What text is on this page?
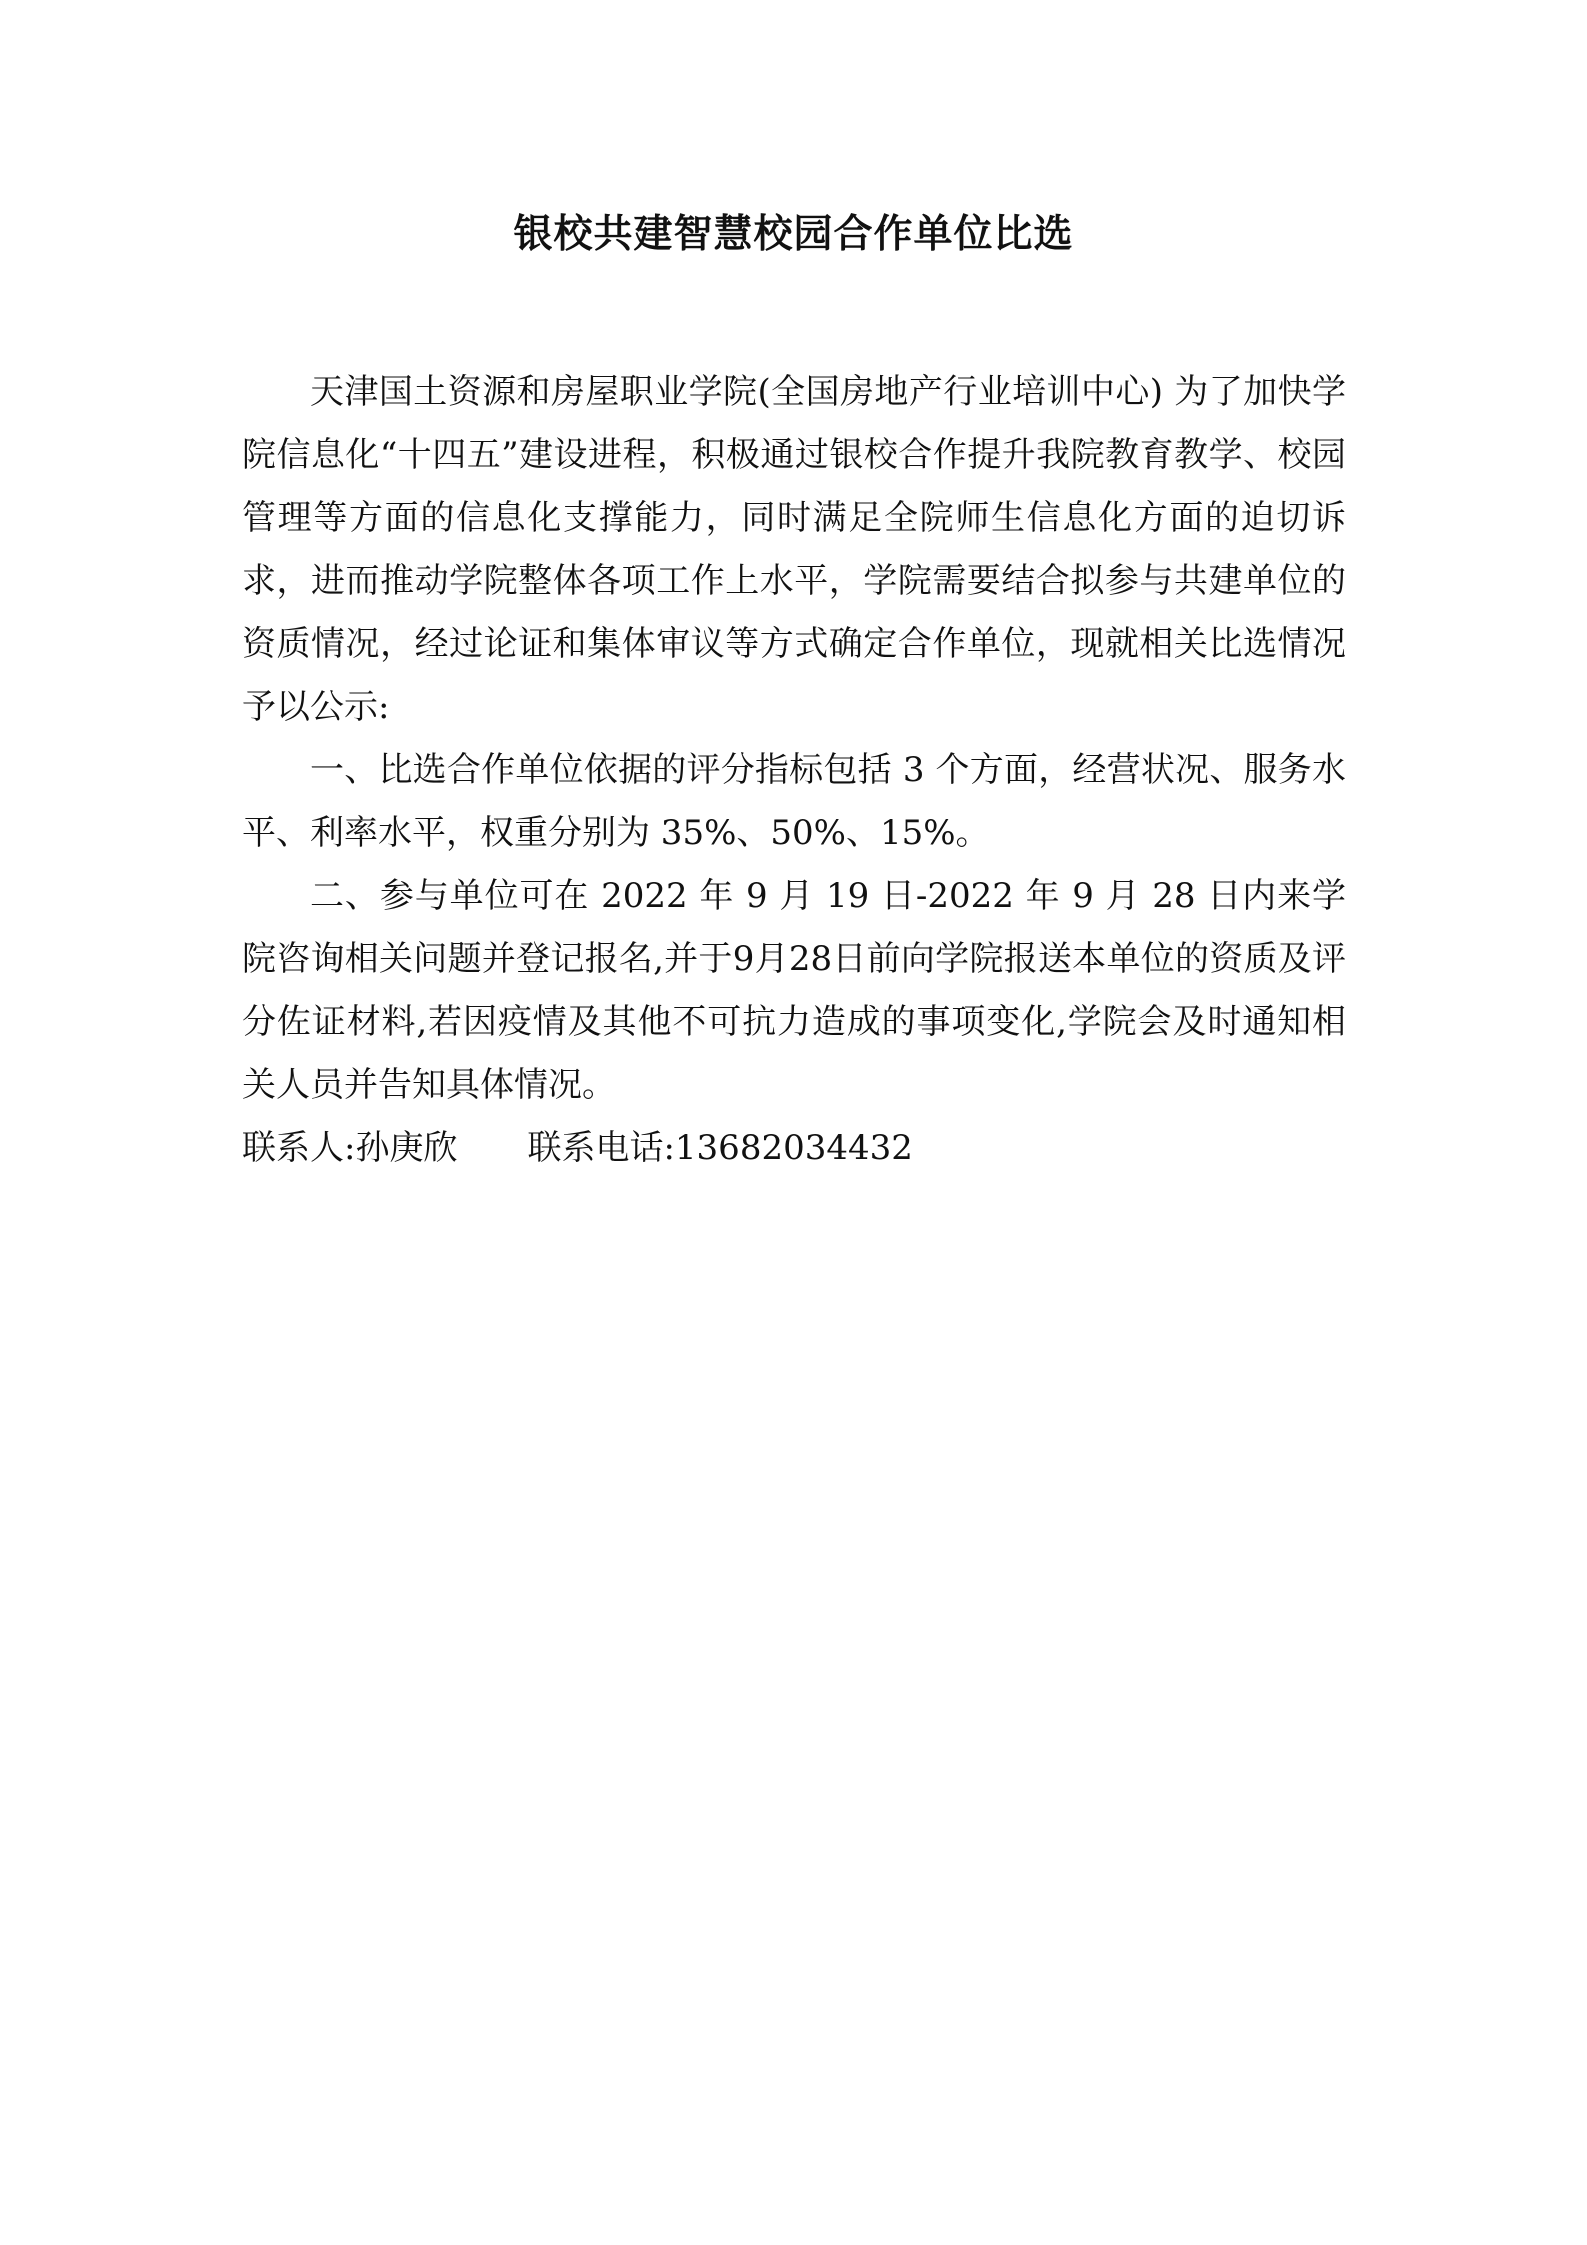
银校共建智慧校园合作单位比选

天津国土资源和房屋职业学院(全国房地产行业培训中心) 为了加快学院信息化“十四五”建设进程，积极通过银校合作提升我院教育教学、校园管理等方面的信息化支撑能力，同时满足全院师生信息化方面的迫切诉求，进而推动学院整体各项工作上水平，学院需要结合拟参与共建单位的资质情况，经过论证和集体审议等方式确定合作单位，现就相关比选情况予以公示:

一、比选合作单位依据的评分指标包括 3 个方面，经营状况、服务水平、利率水平，权重分别为 35%、50%、15%。

二、参与单位可在 2022 年 9 月 19 日-2022 年 9 月 28 日内来学院咨询相关问题并登记报名,并于9月28日前向学院报送本单位的资质及评分佐证材料,若因疫情及其他不可抗力造成的事项变化,学院会及时通知相关人员并告知具体情况。

联系人:孙庚欣 联系电话:13682034432
